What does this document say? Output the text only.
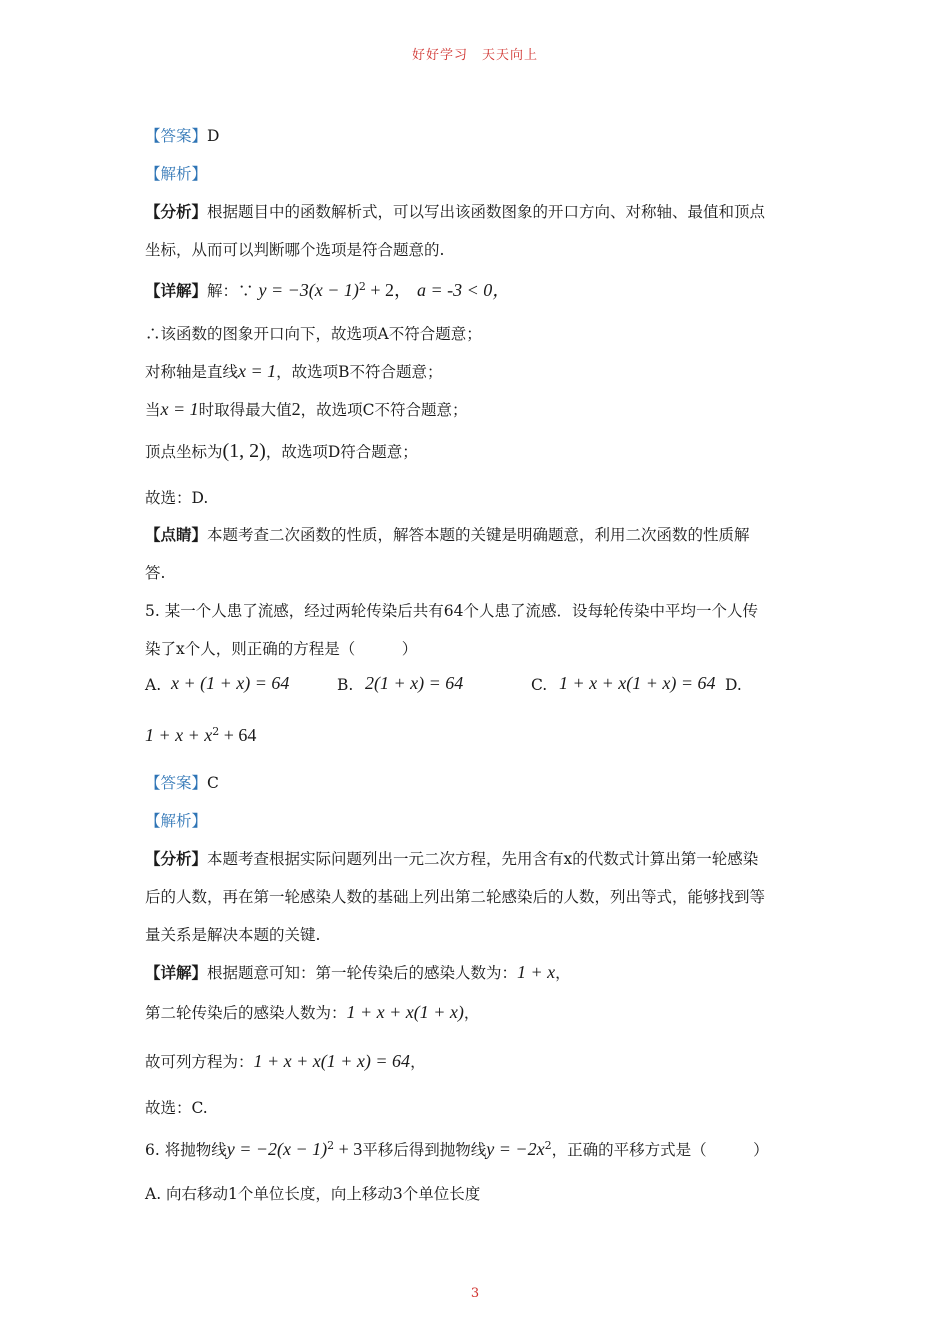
好好学习　天天向上
【答案】D
【解析】
【分析】根据题目中的函数解析式，可以写出该函数图象的开口方向、对称轴、最值和顶点
坐标，从而可以判断哪个选项是符合题意的.
【详解】解：∵ $y = -3(x - 1)^2 + 2$， a = -3 < 0，
∴该函数的图象开口向下，故选项A不符合题意；
对称轴是直线x = 1，故选项B不符合题意；
当x = 1时取得最大值2，故选项C不符合题意；
顶点坐标为(1, 2)，故选项D符合题意；
故选：D.
【点睛】本题考查二次函数的性质，解答本题的关键是明确题意，利用二次函数的性质解
答.
5. 某一个人患了流感，经过两轮传染后共有64个人患了流感．设每轮传染中平均一个人传
染了x个人，则正确的方程是（　　　）
A. x + (1 + x) = 64	B. 2(1 + x) = 64	C. 1 + x + x(1 + x) = 64 D.
$1 + x + x^2 + 64$
【答案】C
【解析】
【分析】本题考查根据实际问题列出一元二次方程，先用含有x的代数式计算出第一轮感染
后的人数，再在第一轮感染人数的基础上列出第二轮感染后的人数，列出等式，能够找到等
量关系是解决本题的关键.
【详解】根据题意可知：第一轮传染后的感染人数为：1 + x，
第二轮传染后的感染人数为：1 + x + x(1 + x)，
故可列方程为：1 + x + x(1 + x) = 64，
故选：C.
6. 将抛物线$y = -2(x - 1)^2 + 3$平移后得到抛物线$y = -2x^2$，正确的平移方式是（　　　）
A. 向右移动1个单位长度，向上移动3个单位长度
3
